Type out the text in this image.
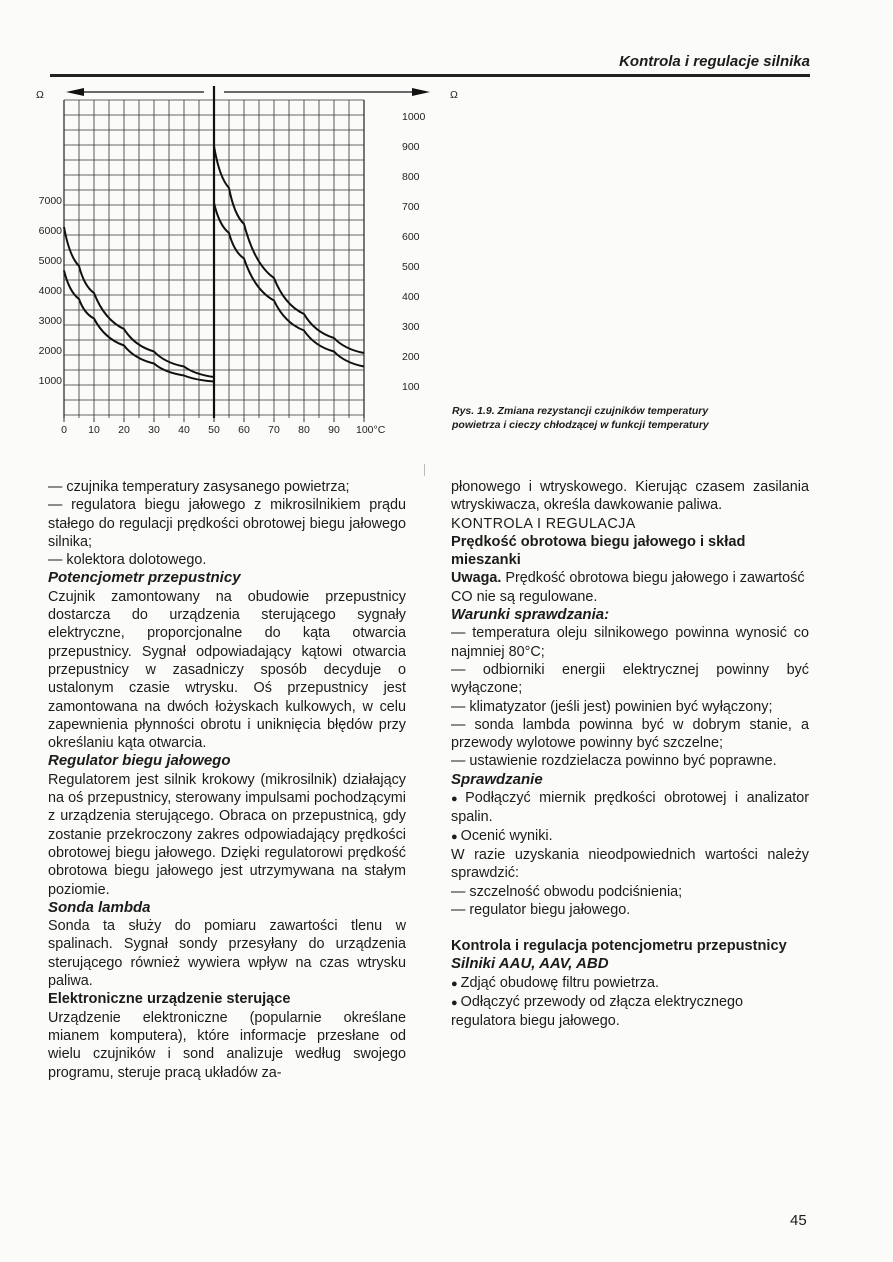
Kontrola i regulacje silnika
Ω	Ω
0 10 20 30 40 50 60 70 80 90 100°C
7000
6000
5000
4000
3000
2000
1000
1000
900
800
700
600
500
400
300
200
100
Rys. 1.9. Zmiana rezystancji czujników temperatury
powietrza i cieczy chłodzącej w funkcji temperatury

— czujnika temperatury zasysanego powietrza;

— regulatora biegu jałowego z mikrosilnikiem prądu stałego do regulacji prędkości obrotowej biegu jałowego silnika;

— kolektora dolotowego.

Potencjometr przepustnicy

Czujnik zamontowany na obudowie przepustnicy dostarcza do urządzenia sterującego sygnały elektryczne, proporcjonalne do kąta otwarcia przepustnicy. Sygnał odpowiadający kątowi otwarcia przepustnicy w zasadniczy sposób decyduje o ustalonym czasie wtrysku. Oś przepustnicy jest zamontowana na dwóch łożyskach kulkowych, w celu zapewnienia płynności obrotu i uniknięcia błędów przy określaniu kąta otwarcia.

Regulator biegu jałowego

Regulatorem jest silnik krokowy (mikrosilnik) działający na oś przepustnicy, sterowany impulsami pochodzącymi z urządzenia sterującego. Obraca on przepustnicą, gdy zostanie przekroczony zakres odpowiadający prędkości obrotowej biegu jałowego. Dzięki regulatorowi prędkość obrotowa biegu jałowego jest utrzymywana na stałym poziomie.

Sonda lambda

Sonda ta służy do pomiaru zawartości tlenu w spalinach. Sygnał sondy przesyłany do urządzenia sterującego również wywiera wpływ na czas wtrysku paliwa.

Elektroniczne urządzenie sterujące

Urządzenie elektroniczne (popularnie określane mianem komputera), które informacje przesłane od wielu czujników i sond analizuje według swojego programu, steruje pracą układów za-

płonowego i wtryskowego. Kierując czasem zasilania wtryskiwacza, określa dawkowanie paliwa.

KONTROLA I REGULACJA

Prędkość obrotowa biegu jałowego i skład mieszanki

Uwaga. Prędkość obrotowa biegu jałowego i zawartość CO nie są regulowane.

Warunki sprawdzania:

— temperatura oleju silnikowego powinna wynosić co najmniej 80°C;

— odbiorniki energii elektrycznej powinny być wyłączone;

— klimatyzator (jeśli jest) powinien być wyłączony;

— sonda lambda powinna być w dobrym stanie, a przewody wylotowe powinny być szczelne;

— ustawienie rozdzielacza powinno być poprawne.

Sprawdzanie

● Podłączyć miernik prędkości obrotowej i analizator spalin.

● Ocenić wyniki.

W razie uzyskania nieodpowiednich wartości należy sprawdzić:

— szczelność obwodu podciśnienia;

— regulator biegu jałowego.

Kontrola i regulacja potencjometru przepustnicy

Silniki AAU, AAV, ABD

● Zdjąć obudowę filtru powietrza.

● Odłączyć przewody od złącza elektrycznego regulatora biegu jałowego.

45
